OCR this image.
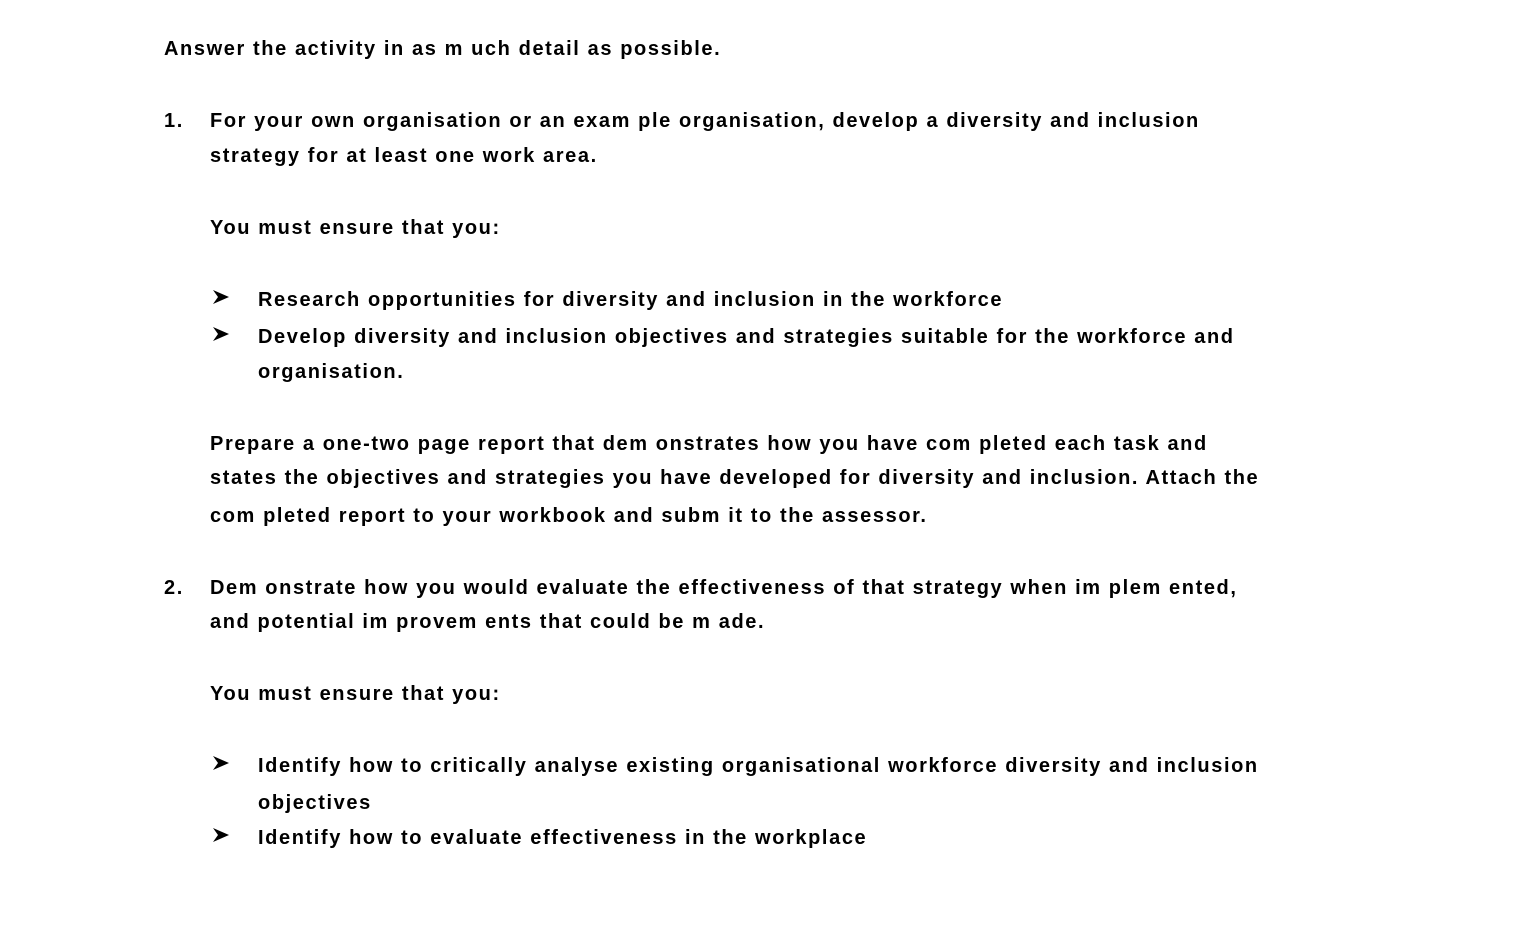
Answer the activity in as m uch detail as possible.
1. For your own organisation or an exam ple organisation, develop a diversity and inclusion
strategy for at least one work area.
You must ensure that you:
Research opportunities for diversity and inclusion in the workforce
Develop diversity and inclusion objectives and strategies suitable for the workforce and
organisation.
Prepare a one-two page report that dem onstrates how you have com pleted each task and
states the objectives and strategies you have developed for diversity and inclusion. Attach the
com pleted report to your workbook and subm it to the assessor.
2. Dem onstrate how you would evaluate the effectiveness of that strategy when im plem ented,
and potential im provem ents that could be m ade.
You must ensure that you:
Identify how to critically analyse existing organisational workforce diversity and inclusion
objectives
Identify how to evaluate effectiveness in the workplace
